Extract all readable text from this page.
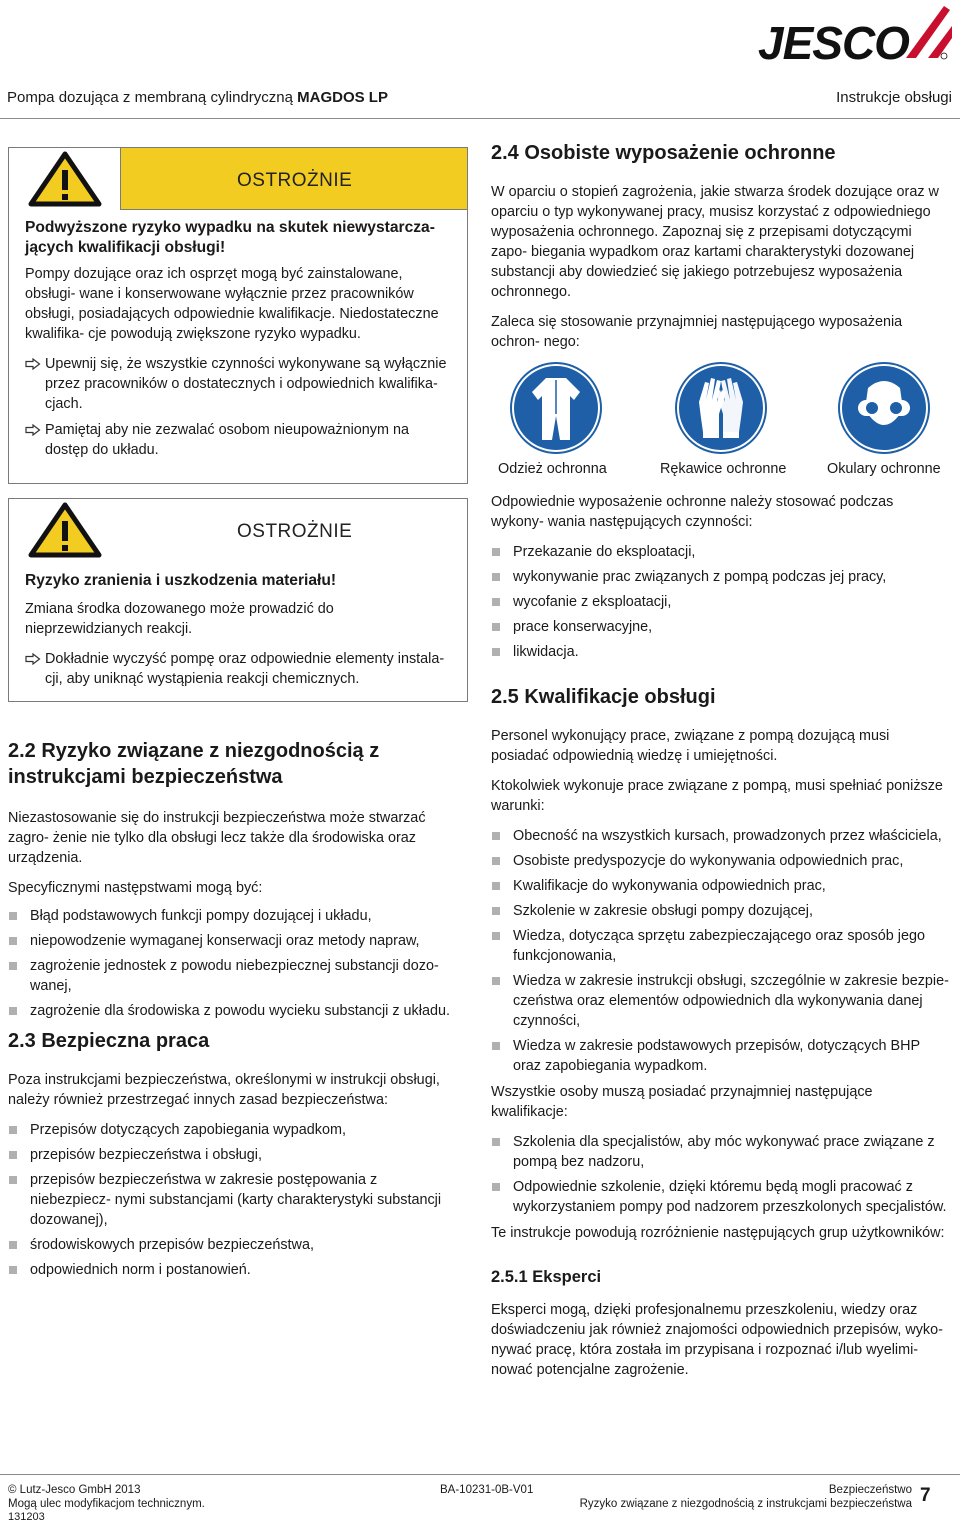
JESCO
Pompa dozująca z membraną cylindryczną MAGDOS LP	Instrukcje obsługi
OSTROŻNIE
Podwyższone ryzyko wypadku na skutek niewystarcza- jących kwalifikacji obsługi!
Pompy dozujące oraz ich osprzęt mogą być zainstalowane, obsługi- wane i konserwowane wyłącznie przez pracowników obsługi, posiadających odpowiednie kwalifikacje. Niedostateczne kwalifika- cje powodują zwiększone ryzyko wypadku.
Upewnij się, że wszystkie czynności wykonywane są wyłącznie przez pracowników o dostatecznych i odpowiednich kwalifika- cjach.
Pamiętaj aby nie zezwalać osobom nieupoważnionym na dostęp do układu.
OSTROŻNIE
Ryzyko zranienia i uszkodzenia materiału!
Zmiana środka dozowanego może prowadzić do nieprzewidzianych reakcji.
Dokładnie wyczyść pompę oraz odpowiednie elementy instala- cji, aby uniknąć wystąpienia reakcji chemicznych.
2.2 Ryzyko związane z niezgodnością z instrukcjami bezpieczeństwa
Niezastosowanie się do instrukcji bezpieczeństwa może stwarzać zagro- żenie nie tylko dla obsługi lecz także dla środowiska oraz urządzenia.
Specyficznymi następstwami mogą być:
Błąd podstawowych funkcji pompy dozującej i układu,
niepowodzenie wymaganej konserwacji oraz metody napraw,
zagrożenie jednostek z powodu niebezpiecznej substancji dozo- wanej,
zagrożenie dla środowiska z powodu wycieku substancji z układu.
2.3 Bezpieczna praca
Poza instrukcjami bezpieczeństwa, określonymi w instrukcji obsługi, należy również przestrzegać innych zasad bezpieczeństwa:
Przepisów dotyczących zapobiegania wypadkom,
przepisów bezpieczeństwa i obsługi,
przepisów bezpieczeństwa w zakresie postępowania z niebezpiecz- nymi substancjami (karty charakterystyki substancji dozowanej),
środowiskowych przepisów bezpieczeństwa,
odpowiednich norm i postanowień.
2.4 Osobiste wyposażenie ochronne
W oparciu o stopień zagrożenia, jakie stwarza środek dozujące oraz w oparciu o typ wykonywanej pracy, musisz korzystać z odpowiedniego wyposażenia ochronnego. Zapoznaj się z przepisami dotyczącymi zapo- biegania wypadkom oraz kartami charakterystyki dozowanej substancji aby dowiedzieć się jakiego potrzebujesz wyposażenia ochronnego.
Zaleca się stosowanie przynajmniej następującego wyposażenia ochron- nego:
Odzież ochronna	Rękawice ochronne	Okulary ochronne
Odpowiednie wyposażenie ochronne należy stosować podczas wykony- wania następujących czynności:
Przekazanie do eksploatacji,
wykonywanie prac związanych z pompą podczas jej pracy,
wycofanie z eksploatacji,
prace konserwacyjne,
likwidacja.
2.5 Kwalifikacje obsługi
Personel wykonujący prace, związane z pompą dozującą musi posiadać odpowiednią wiedzę i umiejętności.
Ktokolwiek wykonuje prace związane z pompą, musi spełniać poniższe warunki:
Obecność na wszystkich kursach, prowadzonych przez właściciela,
Osobiste predyspozycje do wykonywania odpowiednich prac,
Kwalifikacje do wykonywania odpowiednich prac,
Szkolenie w zakresie obsługi pompy dozującej,
Wiedza, dotycząca sprzętu zabezpieczającego oraz sposób jego funkcjonowania,
Wiedza w zakresie instrukcji obsługi, szczególnie w zakresie bezpie- czeństwa oraz elementów odpowiednich dla wykonywania danej czynności,
Wiedza w zakresie podstawowych przepisów, dotyczących BHP oraz zapobiegania wypadkom.
Wszystkie osoby muszą posiadać przynajmniej następujące kwalifikacje:
Szkolenia dla specjalistów, aby móc wykonywać prace związane z pompą bez nadzoru,
Odpowiednie szkolenie, dzięki któremu będą mogli pracować z wykorzystaniem pompy pod nadzorem przeszkolonych specjalistów.
Te instrukcje powodują rozróżnienie następujących grup użytkowników:
2.5.1 Eksperci
Eksperci mogą, dzięki profesjonalnemu przeszkoleniu, wiedzy oraz doświadczeniu jak również znajomości odpowiednich przepisów, wyko- nywać pracę, która została im przypisana i rozpoznać i/lub wyelimi- nować potencjalne zagrożenie.
© Lutz-Jesco GmbH 2013
Mogą ulec modyfikacjom technicznym.
131203
BA-10231-0B-V01	Bezpieczeństwo
Ryzyko związane z niezgodnością z instrukcjami bezpieczeństwa 7
